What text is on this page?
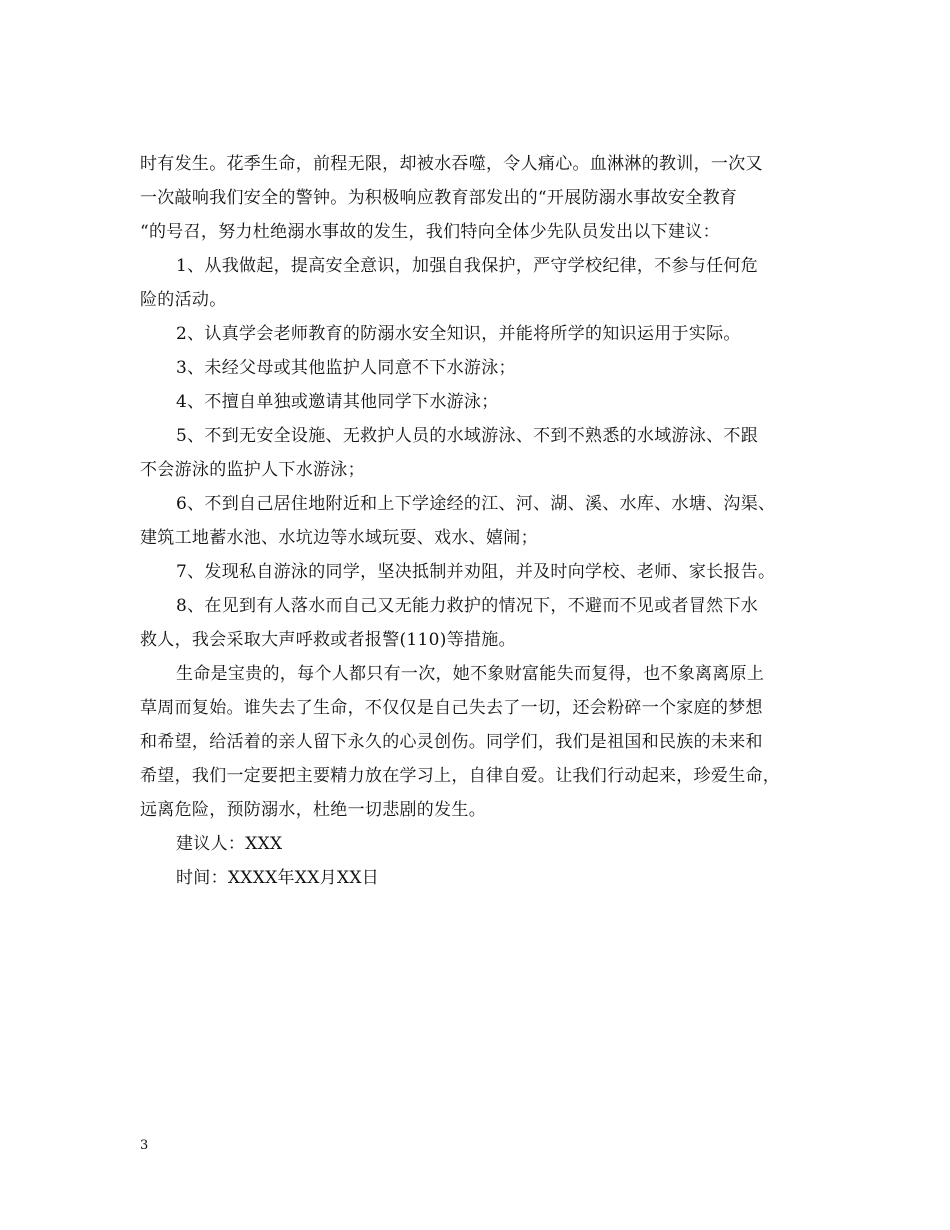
时有发生。花季生命，前程无限，却被水吞噬，令人痛心。血淋淋的教训，一次又
一次敲响我们安全的警钟。为积极响应教育部发出的“开展防溺水事故安全教育
“的号召，努力杜绝溺水事故的发生，我们特向全体少先队员发出以下建议：
1、从我做起，提高安全意识，加强自我保护，严守学校纪律，不参与任何危
险的活动。
2、认真学会老师教育的防溺水安全知识，并能将所学的知识运用于实际。
3、未经父母或其他监护人同意不下水游泳；
4、不擅自单独或邀请其他同学下水游泳；
5、不到无安全设施、无救护人员的水域游泳、不到不熟悉的水域游泳、不跟
不会游泳的监护人下水游泳；
6、不到自己居住地附近和上下学途经的江、河、湖、溪、水库、水塘、沟渠、
建筑工地蓄水池、水坑边等水域玩耍、戏水、嬉闹；
7、发现私自游泳的同学，坚决抵制并劝阻，并及时向学校、老师、家长报告。
8、在见到有人落水而自己又无能力救护的情况下，不避而不见或者冒然下水
救人，我会采取大声呼救或者报警(110)等措施。
生命是宝贵的，每个人都只有一次，她不象财富能失而复得，也不象离离原上
草周而复始。谁失去了生命，不仅仅是自己失去了一切，还会粉碎一个家庭的梦想
和希望，给活着的亲人留下永久的心灵创伤。同学们，我们是祖国和民族的未来和
希望，我们一定要把主要精力放在学习上，自律自爱。让我们行动起来，珍爱生命，
远离危险，预防溺水，杜绝一切悲剧的发生。
建议人：XXX
时间：XXXX年XX月XX日
3
